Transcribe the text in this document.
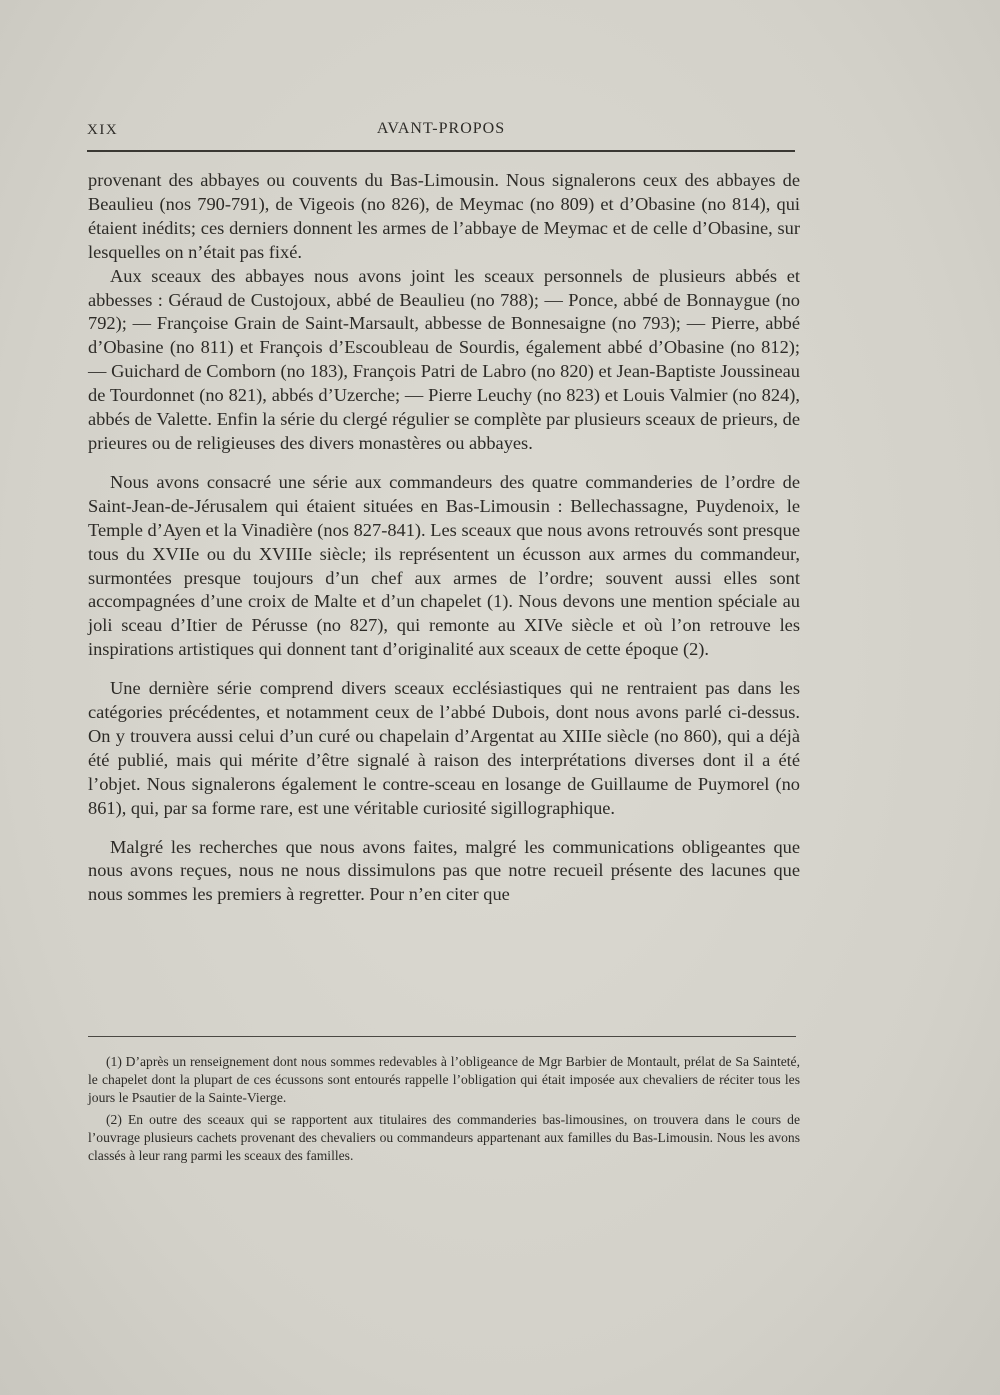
XIX	AVANT-PROPOS

provenant des abbayes ou couvents du Bas-Limousin. Nous signalerons ceux des abbayes de Beaulieu (nos 790-791), de Vigeois (no 826), de Meymac (no 809) et d’Obasine (no 814), qui étaient inédits; ces derniers donnent les armes de l’abbaye de Meymac et de celle d’Obasine, sur lesquelles on n’était pas fixé.

Aux sceaux des abbayes nous avons joint les sceaux personnels de plusieurs abbés et abbesses : Géraud de Custojoux, abbé de Beaulieu (no 788); — Ponce, abbé de Bonnaygue (no 792); — Françoise Grain de Saint-Marsault, abbesse de Bonnesaigne (no 793); — Pierre, abbé d’Obasine (no 811) et François d’Escoubleau de Sourdis, également abbé d’Obasine (no 812); — Guichard de Comborn (no 183), François Patri de Labro (no 820) et Jean-Baptiste Joussineau de Tourdonnet (no 821), abbés d’Uzerche; — Pierre Leuchy (no 823) et Louis Valmier (no 824), abbés de Valette. Enfin la série du clergé régulier se complète par plusieurs sceaux de prieurs, de prieures ou de religieuses des divers monastères ou abbayes.

Nous avons consacré une série aux commandeurs des quatre commanderies de l’ordre de Saint-Jean-de-Jérusalem qui étaient situées en Bas-Limousin : Bellechassagne, Puydenoix, le Temple d’Ayen et la Vinadière (nos 827-841). Les sceaux que nous avons retrouvés sont presque tous du XVIIe ou du XVIIIe siècle; ils représentent un écusson aux armes du commandeur, surmontées presque toujours d’un chef aux armes de l’ordre; souvent aussi elles sont accompagnées d’une croix de Malte et d’un chapelet (1). Nous devons une mention spéciale au joli sceau d’Itier de Pérusse (no 827), qui remonte au XIVe siècle et où l’on retrouve les inspirations artistiques qui donnent tant d’originalité aux sceaux de cette époque (2).

Une dernière série comprend divers sceaux ecclésiastiques qui ne rentraient pas dans les catégories précédentes, et notamment ceux de l’abbé Dubois, dont nous avons parlé ci-dessus. On y trouvera aussi celui d’un curé ou chapelain d’Argentat au XIIIe siècle (no 860), qui a déjà été publié, mais qui mérite d’être signalé à raison des interprétations diverses dont il a été l’objet. Nous signalerons également le contre-sceau en losange de Guillaume de Puymorel (no 861), qui, par sa forme rare, est une véritable curiosité sigillographique.

Malgré les recherches que nous avons faites, malgré les communications obligeantes que nous avons reçues, nous ne nous dissimulons pas que notre recueil présente des lacunes que nous sommes les premiers à regretter. Pour n’en citer que

(1) D’après un renseignement dont nous sommes redevables à l’obligeance de Mgr Barbier de Montault, prélat de Sa Sainteté, le chapelet dont la plupart de ces écussons sont entourés rappelle l’obligation qui était imposée aux chevaliers de réciter tous les jours le Psautier de la Sainte-Vierge.

(2) En outre des sceaux qui se rapportent aux titulaires des commanderies bas-limousines, on trouvera dans le cours de l’ouvrage plusieurs cachets provenant des chevaliers ou commandeurs appartenant aux familles du Bas-Limousin. Nous les avons classés à leur rang parmi les sceaux des familles.
